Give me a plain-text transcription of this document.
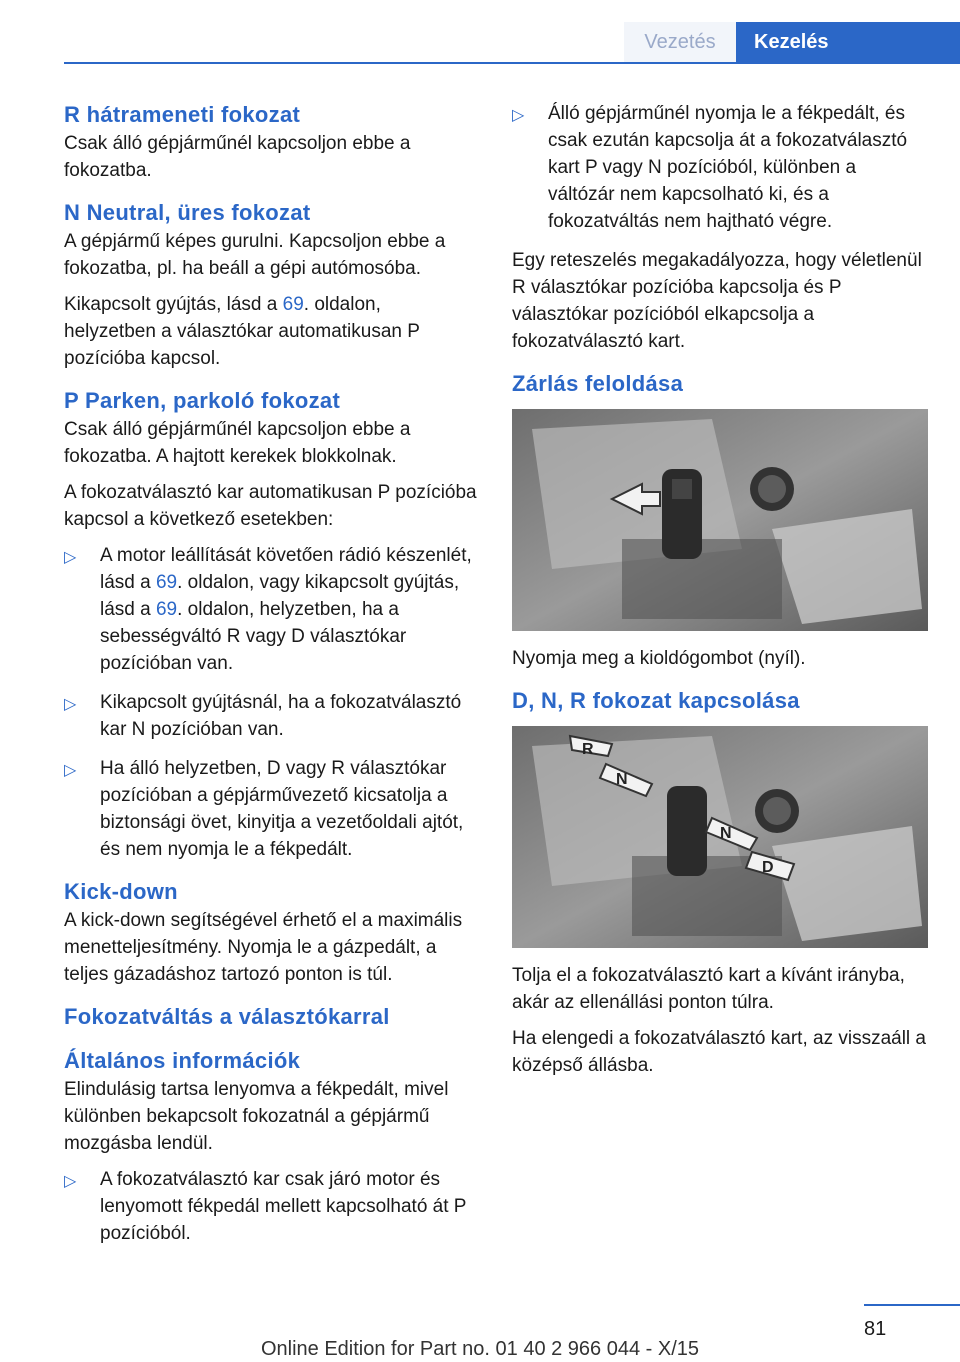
Vezetés	Kezelés
R hátrameneti fokozat

Csak álló gépjárműnél kapcsoljon ebbe a fokozatba.

N Neutral, üres fokozat

A gépjármű képes gurulni. Kapcsoljon ebbe a fokozatba, pl. ha beáll a gépi autómosóba.

Kikapcsolt gyújtás, lásd a 69. oldalon, helyzetben a választókar automatikusan P pozícióba kapcsol.

P Parken, parkoló fokozat

Csak álló gépjárműnél kapcsoljon ebbe a fokozatba. A hajtott kerekek blokkolnak.

A fokozatválasztó kar automatikusan P pozícióba kapcsol a következő esetekben:

▷ A motor leállítását követően rádió készenlét, lásd a 69. oldalon, vagy kikapcsolt gyújtás, lásd a 69. oldalon, helyzetben, ha a sebességváltó R vagy D választókar pozícióban van.
▷ Kikapcsolt gyújtásnál, ha a fokozatválasztó kar N pozícióban van.
▷ Ha álló helyzetben, D vagy R választókar pozícióban a gépjárművezető kicsatolja a biztonsági övet, kinyitja a vezetőoldali ajtót, és nem nyomja le a fékpedált.
Kick-down

A kick-down segítségével érhető el a maximális menetteljesítmény. Nyomja le a gázpedált, a teljes gázadáshoz tartozó ponton is túl.

Fokozatváltás a választókarral
Általános információk

Elindulásig tartsa lenyomva a fékpedált, mivel különben bekapcsolt fokozatnál a gépjármű mozgásba lendül.

▷ A fokozatválasztó kar csak járó motor és lenyomott fékpedál mellett kapcsolható át P pozícióból.
▷ Álló gépjárműnél nyomja le a fékpedált, és csak ezután kapcsolja át a fokozatválasztó kart P vagy N pozícióból, különben a váltózár nem kapcsolható ki, és a fokozatváltás nem hajtható végre.

Egy reteszelés megakadályozza, hogy véletlenül R választókar pozícióba kapcsolja és P választókar pozícióból elkapcsolja a fokozatválasztó kart.

Zárlás feloldása

Nyomja meg a kioldógombot (nyíl).

D, N, R fokozat kapcsolása
R
N
N
D

Tolja el a fokozatválasztó kart a kívánt irányba, akár az ellenállási ponton túlra.

Ha elengedi a fokozatválasztó kart, az visszaáll a középső állásba.

81
Online Edition for Part no. 01 40 2 966 044 - X/15
